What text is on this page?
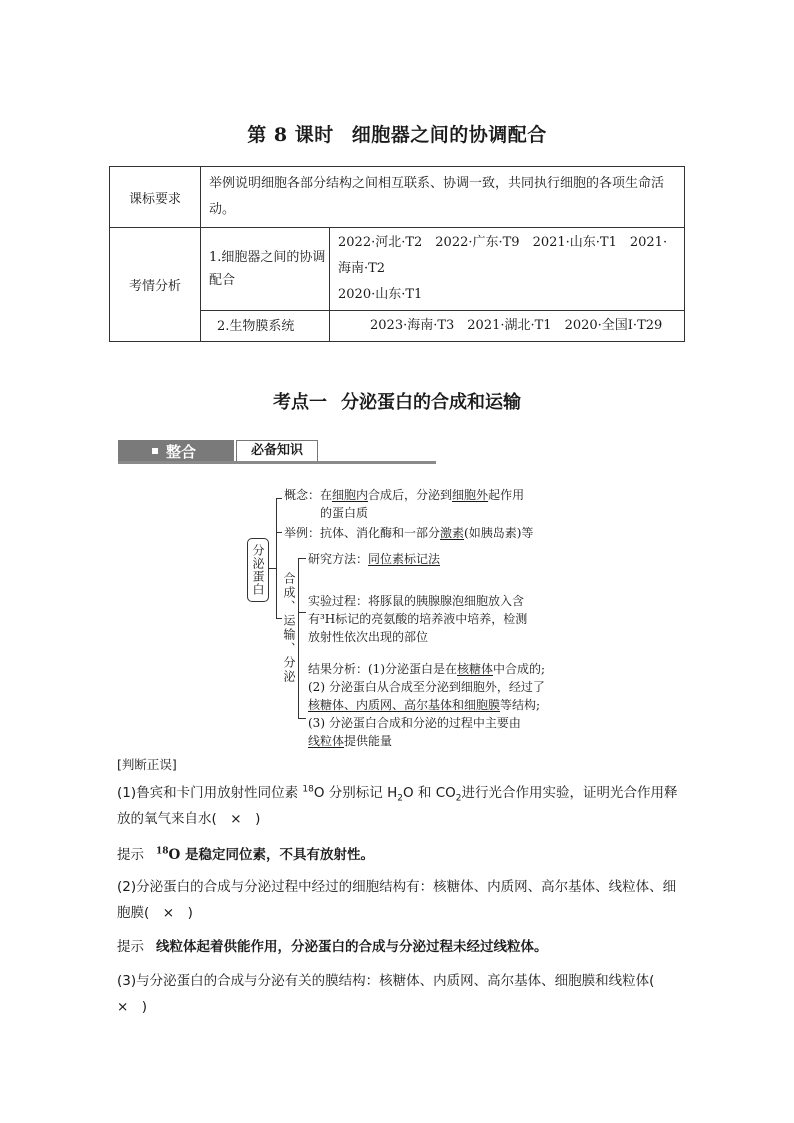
第 8 课时 细胞器之间的协调配合
课标要求	举例说明细胞各部分结构之间相互联系、协调一致，共同执行细胞的各项生命活动。	
考情分析	1.细胞器之间的协调配合	2022·河北·T2　2022·广东·T9　2021·山东·T1　2021·海南·T2
2020·山东·T1

	2.生物膜系统	2023·海南·T3　2021·湖北·T1　2020·全国Ⅰ·T29
考点一 分泌蛋白的合成和运输
整合	必备知识
分泌蛋白
概念：在细胞内合成后，分泌到细胞外起作用
的蛋白质
举例：抗体、消化酶和一部分激素(如胰岛素)等
合成、运输、分泌
研究方法：同位素标记法
实验过程：将豚鼠的胰腺腺泡细胞放入含
有³H标记的亮氨酸的培养液中培养，检测
放射性依次出现的部位
结果分析：(1)分泌蛋白是在核糖体中合成的;
(2) 分泌蛋白从合成至分泌到细胞外，经过了
核糖体、内质网、高尔基体和细胞膜等结构;
(3) 分泌蛋白合成和分泌的过程中主要由
线粒体提供能量
[判断正误]
(1)鲁宾和卡门用放射性同位素 $^{18}$O 分别标记 $H_2O$ 和 $CO_2$进行光合作用实验，证明光合作用释放的氧气来自水(　×　)
提示 $^{18}$O 是稳定同位素，不具有放射性。
(2)分泌蛋白的合成与分泌过程中经过的细胞结构有：核糖体、内质网、高尔基体、线粒体、细胞膜(　×　)
提示 线粒体起着供能作用，分泌蛋白的合成与分泌过程未经过线粒体。
(3)与分泌蛋白的合成与分泌有关的膜结构：核糖体、内质网、高尔基体、细胞膜和线粒体(　×　)
